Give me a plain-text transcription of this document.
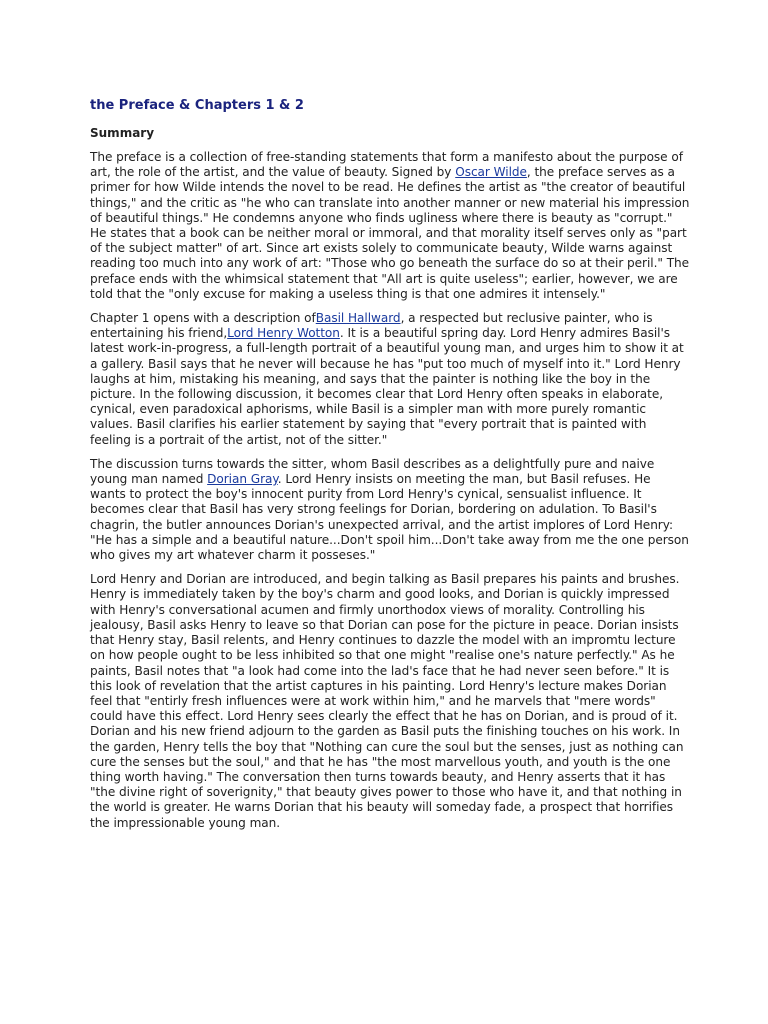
the Preface & Chapters 1 & 2
Summary

The preface is a collection of free-standing statements that form a manifesto about the purpose of art, the role of the artist, and the value of beauty. Signed by Oscar Wilde, the preface serves as a primer for how Wilde intends the novel to be read. He defines the artist as "the creator of beautiful things," and the critic as "he who can translate into another manner or new material his impression of beautiful things." He condemns anyone who finds ugliness where there is beauty as "corrupt." He states that a book can be neither moral or immoral, and that morality itself serves only as "part of the subject matter" of art. Since art exists solely to communicate beauty, Wilde warns against reading too much into any work of art: "Those who go beneath the surface do so at their peril." The preface ends with the whimsical statement that "All art is quite useless"; earlier, however, we are told that the "only excuse for making a useless thing is that one admires it intensely."

Chapter 1 opens with a description ofBasil Hallward, a respected but reclusive painter, who is entertaining his friend,Lord Henry Wotton. It is a beautiful spring day. Lord Henry admires Basil's latest work-in-progress, a full-length portrait of a beautiful young man, and urges him to show it at a gallery. Basil says that he never will because he has "put too much of myself into it." Lord Henry laughs at him, mistaking his meaning, and says that the painter is nothing like the boy in the picture. In the following discussion, it becomes clear that Lord Henry often speaks in elaborate, cynical, even paradoxical aphorisms, while Basil is a simpler man with more purely romantic values. Basil clarifies his earlier statement by saying that "every portrait that is painted with feeling is a portrait of the artist, not of the sitter."

The discussion turns towards the sitter, whom Basil describes as a delightfully pure and naive young man named Dorian Gray. Lord Henry insists on meeting the man, but Basil refuses. He wants to protect the boy's innocent purity from Lord Henry's cynical, sensualist influence. It becomes clear that Basil has very strong feelings for Dorian, bordering on adulation. To Basil's chagrin, the butler announces Dorian's unexpected arrival, and the artist implores of Lord Henry: "He has a simple and a beautiful nature...Don't spoil him...Don't take away from me the one person who gives my art whatever charm it posseses."

Lord Henry and Dorian are introduced, and begin talking as Basil prepares his paints and brushes. Henry is immediately taken by the boy's charm and good looks, and Dorian is quickly impressed with Henry's conversational acumen and firmly unorthodox views of morality. Controlling his jealousy, Basil asks Henry to leave so that Dorian can pose for the picture in peace. Dorian insists that Henry stay, Basil relents, and Henry continues to dazzle the model with an impromtu lecture on how people ought to be less inhibited so that one might "realise one's nature perfectly." As he paints, Basil notes that "a look had come into the lad's face that he had never seen before." It is this look of revelation that the artist captures in his painting. Lord Henry's lecture makes Dorian feel that "entirly fresh influences were at work within him," and he marvels that "mere words" could have this effect. Lord Henry sees clearly the effect that he has on Dorian, and is proud of it. Dorian and his new friend adjourn to the garden as Basil puts the finishing touches on his work. In the garden, Henry tells the boy that "Nothing can cure the soul but the senses, just as nothing can cure the senses but the soul," and that he has "the most marvellous youth, and youth is the one thing worth having." The conversation then turns towards beauty, and Henry asserts that it has "the divine right of soverignity," that beauty gives power to those who have it, and that nothing in the world is greater. He warns Dorian that his beauty will someday fade, a prospect that horrifies the impressionable young man.
